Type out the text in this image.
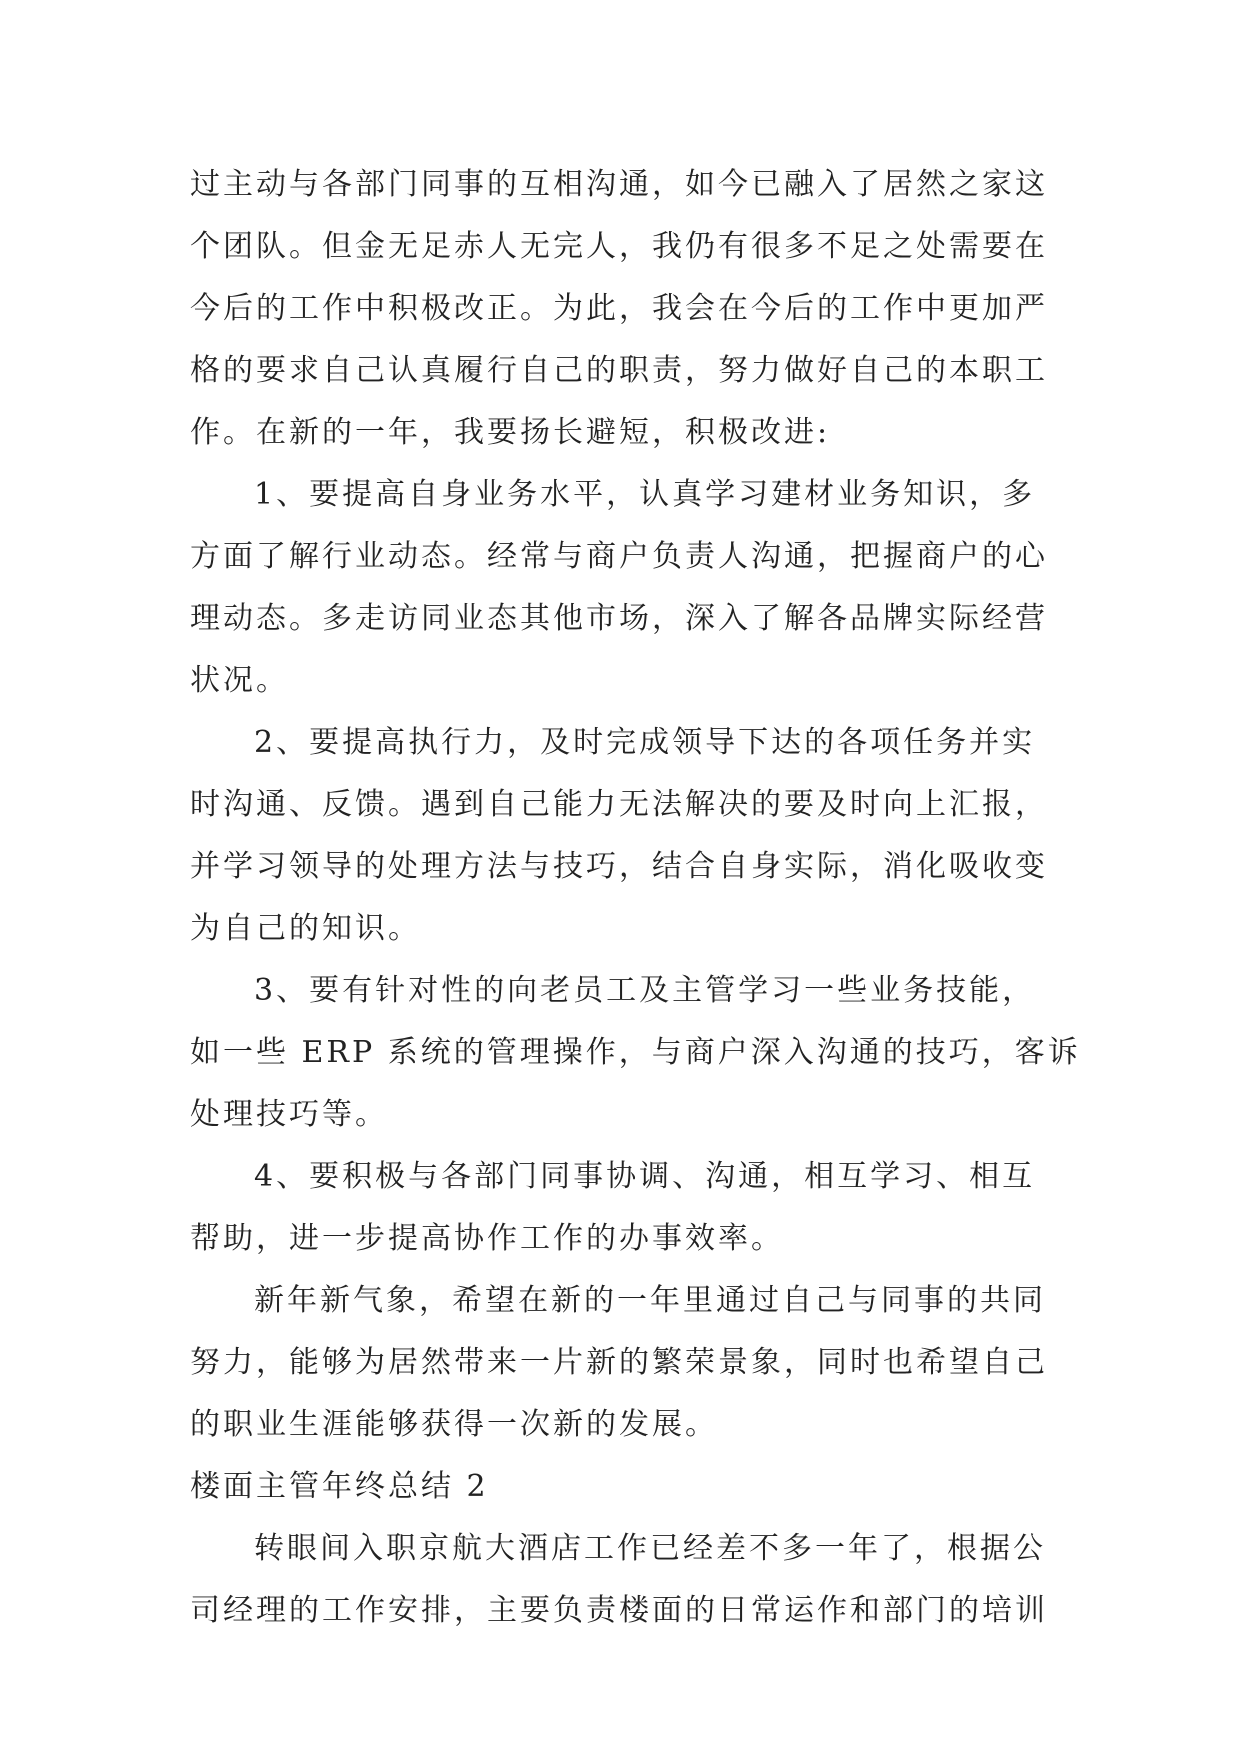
过主动与各部门同事的互相沟通，如今已融入了居然之家这
个团队。但金无足赤人无完人，我仍有很多不足之处需要在
今后的工作中积极改正。为此，我会在今后的工作中更加严
格的要求自己认真履行自己的职责，努力做好自己的本职工
作。在新的一年，我要扬长避短，积极改进:
1、要提高自身业务水平，认真学习建材业务知识，多
方面了解行业动态。经常与商户负责人沟通，把握商户的心
理动态。多走访同业态其他市场，深入了解各品牌实际经营
状况。
2、要提高执行力，及时完成领导下达的各项任务并实
时沟通、反馈。遇到自己能力无法解决的要及时向上汇报，
并学习领导的处理方法与技巧，结合自身实际，消化吸收变
为自己的知识。
3、要有针对性的向老员工及主管学习一些业务技能，
如一些 ERP 系统的管理操作，与商户深入沟通的技巧，客诉
处理技巧等。
4、要积极与各部门同事协调、沟通，相互学习、相互
帮助，进一步提高协作工作的办事效率。
新年新气象，希望在新的一年里通过自己与同事的共同
努力，能够为居然带来一片新的繁荣景象，同时也希望自己
的职业生涯能够获得一次新的发展。
楼面主管年终总结 2
转眼间入职京航大酒店工作已经差不多一年了，根据公
司经理的工作安排，主要负责楼面的日常运作和部门的培训
